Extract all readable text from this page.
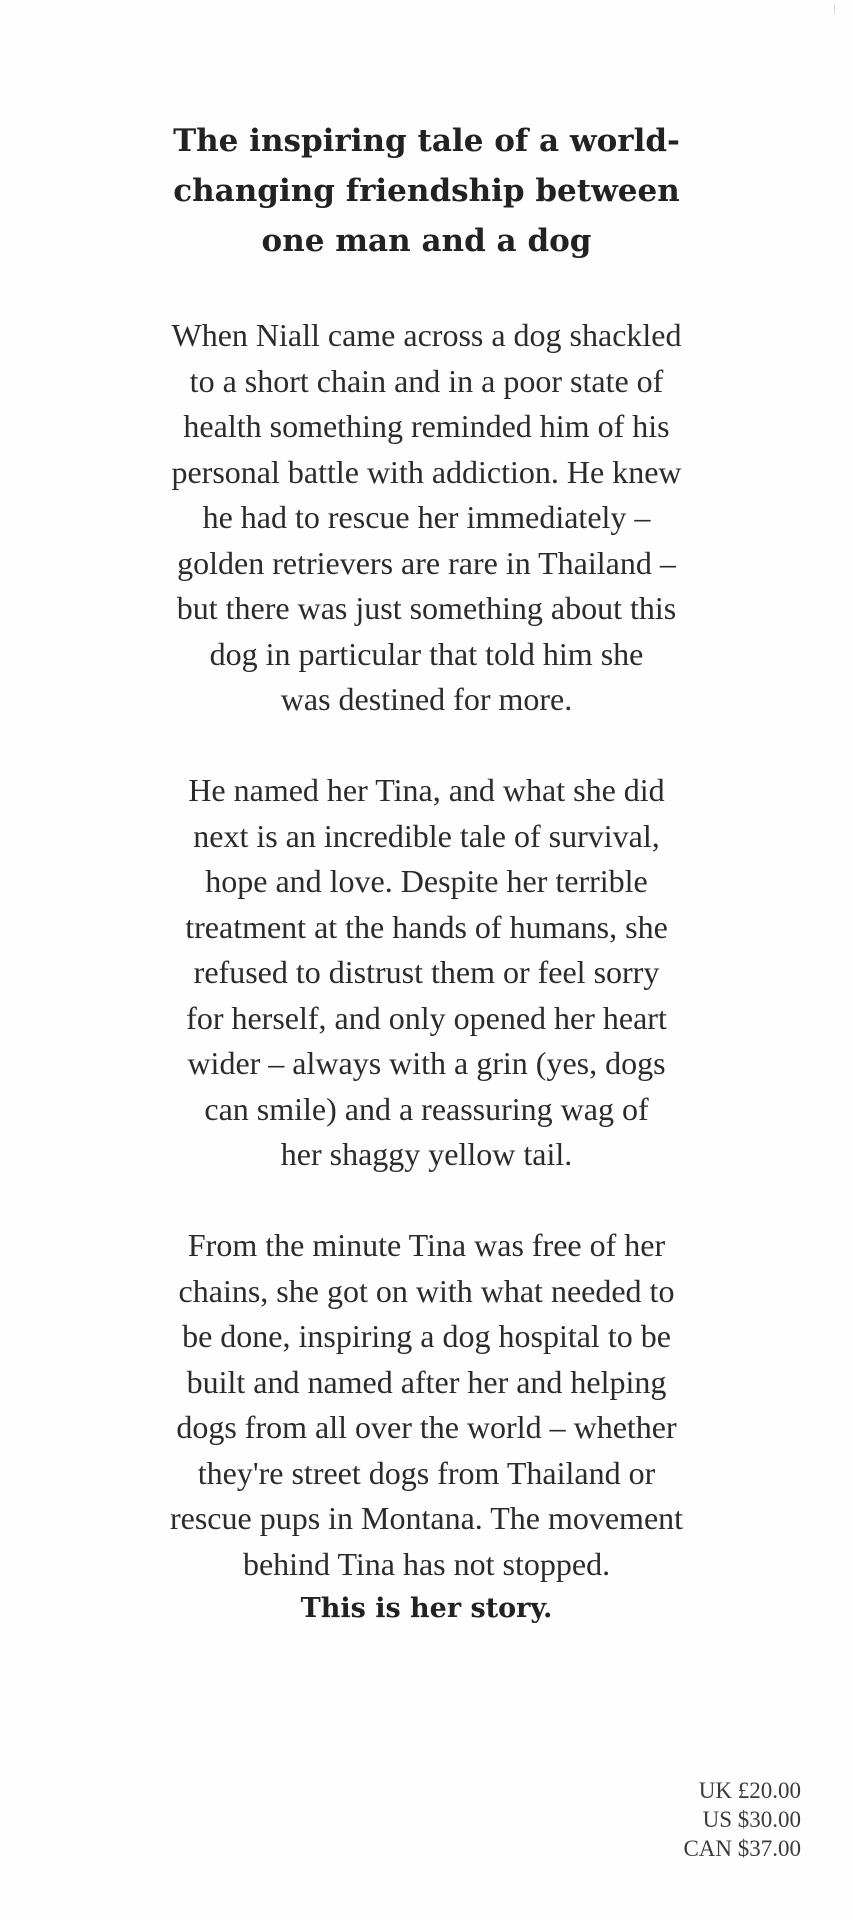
The inspiring tale of a world-
changing friendship between
one man and a dog
When Niall came across a dog shackled
to a short chain and in a poor state of
health something reminded him of his
personal battle with addiction. He knew
he had to rescue her immediately –
golden retrievers are rare in Thailand –
but there was just something about this
dog in particular that told him she
was destined for more.
He named her Tina, and what she did
next is an incredible tale of survival,
hope and love. Despite her terrible
treatment at the hands of humans, she
refused to distrust them or feel sorry
for herself, and only opened her heart
wider – always with a grin (yes, dogs
can smile) and a reassuring wag of
her shaggy yellow tail.
From the minute Tina was free of her
chains, she got on with what needed to
be done, inspiring a dog hospital to be
built and named after her and helping
dogs from all over the world – whether
they're street dogs from Thailand or
rescue pups in Montana. The movement
behind Tina has not stopped.
This is her story.
UK £20.00
US $30.00
CAN $37.00
